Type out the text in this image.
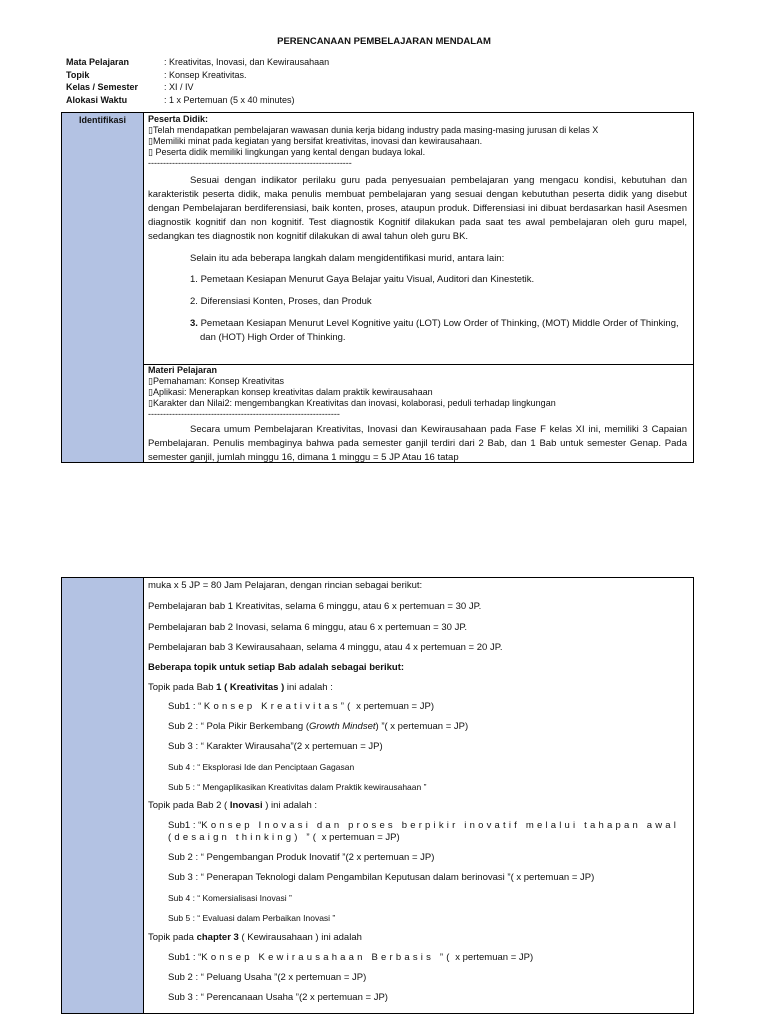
PERENCANAAN PEMBELAJARAN MENDALAM
Mata Pelajaran	: Kreativitas, Inovasi, dan Kewirausahaan
Topik	: Konsep Kreativitas.
Kelas / Semester	: XI / IV
Alokasi Waktu	: 1 x Pertemuan (5 x 40 minutes)
Identifikasi	Peserta Didik:
▯Telah mendapatkan pembelajaran wawasan dunia kerja bidang industry pada masing-masing jurusan di kelas X
▯Memiliki minat pada kegiatan yang bersifat kreativitas, inovasi dan kewirausahaan.
▯ Peserta didik memiliki lingkungan yang kental dengan budaya lokal.
--------------------------------------------------------------------
Sesuai dengan indikator perilaku guru pada penyesuaian pembelajaran yang mengacu kondisi, kebutuhan dan karakteristik peserta didik, maka penulis membuat pembelajaran yang sesuai dengan kebututhan peserta didik yang disebut dengan Pembelajaran berdiferensiasi, baik konten, proses, ataupun produk. Differensiasi ini dibuat berdasarkan hasil Asesmen diagnostik kognitif dan non kognitif. Test diagnostik Kognitif dilakukan pada saat tes awal pembelajaran oleh guru mapel, sedangkan tes diagnostik non kognitif dilakukan di awal tahun oleh guru BK.
Selain itu ada beberapa langkah dalam mengidentifikasi murid, antara lain:
1. Pemetaan Kesiapan Menurut Gaya Belajar yaitu Visual, Auditori dan Kinestetik.
2. Diferensiasi Konten, Proses, dan Produk
3. Pemetaan Kesiapan Menurut Level Kognitive yaitu (LOT) Low Order of Thinking, (MOT) Middle Order of Thinking, dan (HOT) High Order of Thinking.
Materi Pelajaran
▯Pemahaman: Konsep Kreativitas
▯Aplikasi: Menerapkan konsep kreativitas dalam praktik kewirausahaan
▯Karakter dan Nilai2: mengembangkan Kreativitas dan inovasi, kolaborasi, peduli terhadap lingkungan
----------------------------------------------------------------
Secara umum Pembelajaran Kreativitas, Inovasi dan Kewirausahaan pada Fase F kelas XI ini, memiliki 3 Capaian Pembelajaran. Penulis membaginya bahwa pada semester ganjil terdiri dari 2 Bab, dan 1 Bab untuk semester Genap. Pada semester ganjil, jumlah minggu 16, dimana 1 minggu = 5 JP Atau 16 tatap
muka x 5 JP = 80 Jam Pelajaran, dengan rincian sebagai berikut:
Pembelajaran bab 1 Kreativitas, selama 6 minggu, atau 6 x pertemuan = 30 JP.
Pembelajaran bab 2 Inovasi, selama 6 minggu, atau 6 x pertemuan = 30 JP.
Pembelajaran bab 3 Kewirausahaan, selama 4 minggu, atau 4 x pertemuan = 20 JP.
Beberapa topik untuk setiap Bab adalah sebagai berikut:
Topik pada Bab 1 ( Kreativitas ) ini adalah :
Sub1 : “ Konsep Kreativitas”( x pertemuan = JP)
Sub 2 : “ Pola Pikir Berkembang (Growth Mindset) ”( x pertemuan = JP)
Sub 3 : “ Karakter Wirausaha”(2 x pertemuan = JP)
Sub 4 : “ Eksplorasi Ide dan Penciptaan Gagasan
Sub 5 : “ Mengaplikasikan Kreativitas dalam Praktik kewirausahaan ”
Topik pada Bab 2 ( Inovasi ) ini adalah :
Sub1 : “Konsep Inovasi dan proses berpikir inovatif melalui tahapan awal
(desaign thinking) ”( x pertemuan = JP)
Sub 2 : “ Pengembangan Produk Inovatif ”(2 x pertemuan = JP)
Sub 3 : “ Penerapan Teknologi dalam Pengambilan Keputusan dalam berinovasi ”( x pertemuan = JP)
Sub 4 : “ Komersialisasi Inovasi ”
Sub 5 : “ Evaluasi dalam Perbaikan Inovasi ”
Topik pada chapter 3 ( Kewirausahaan ) ini adalah
Sub1 : “Konsep Kewirausahaan Berbasis ”( x pertemuan = JP)
Sub 2 : “ Peluang Usaha ”(2 x pertemuan = JP)
Sub 3 : “ Perencanaan Usaha ”(2 x pertemuan = JP)
